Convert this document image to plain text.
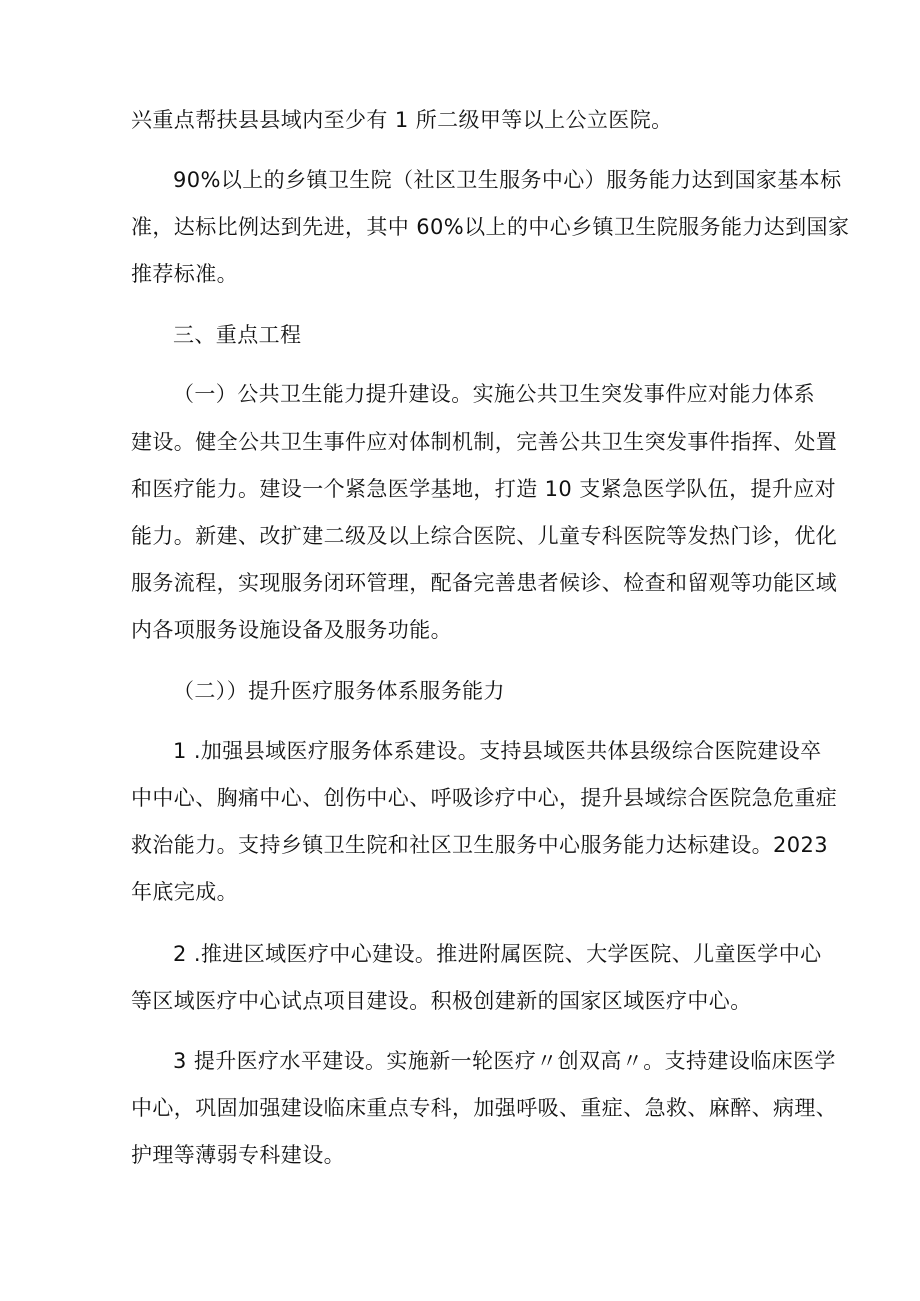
兴重点帮扶县县域内至少有 1 所二级甲等以上公立医院。
90%以上的乡镇卫生院（社区卫生服务中心）服务能力达到国家基本标
准，达标比例达到先进，其中 60%以上的中心乡镇卫生院服务能力达到国家
推荐标准。
三、重点工程
（一）公共卫生能力提升建设。实施公共卫生突发事件应对能力体系
建设。健全公共卫生事件应对体制机制，完善公共卫生突发事件指挥、处置
和医疗能力。建设一个紧急医学基地，打造 10 支紧急医学队伍，提升应对
能力。新建、改扩建二级及以上综合医院、儿童专科医院等发热门诊，优化
服务流程，实现服务闭环管理，配备完善患者候诊、检查和留观等功能区域
内各项服务设施设备及服务功能。
（二））提升医疗服务体系服务能力
1 .加强县域医疗服务体系建设。支持县域医共体县级综合医院建设卒
中中心、胸痛中心、创伤中心、呼吸诊疗中心，提升县域综合医院急危重症
救治能力。支持乡镇卫生院和社区卫生服务中心服务能力达标建设。2023
年底完成。
2 .推进区域医疗中心建设。推进附属医院、大学医院、儿童医学中心
等区域医疗中心试点项目建设。积极创建新的国家区域医疗中心。
3 提升医疗水平建设。实施新一轮医疗〃创双高〃。支持建设临床医学
中心，巩固加强建设临床重点专科，加强呼吸、重症、急救、麻醉、病理、
护理等薄弱专科建设。
